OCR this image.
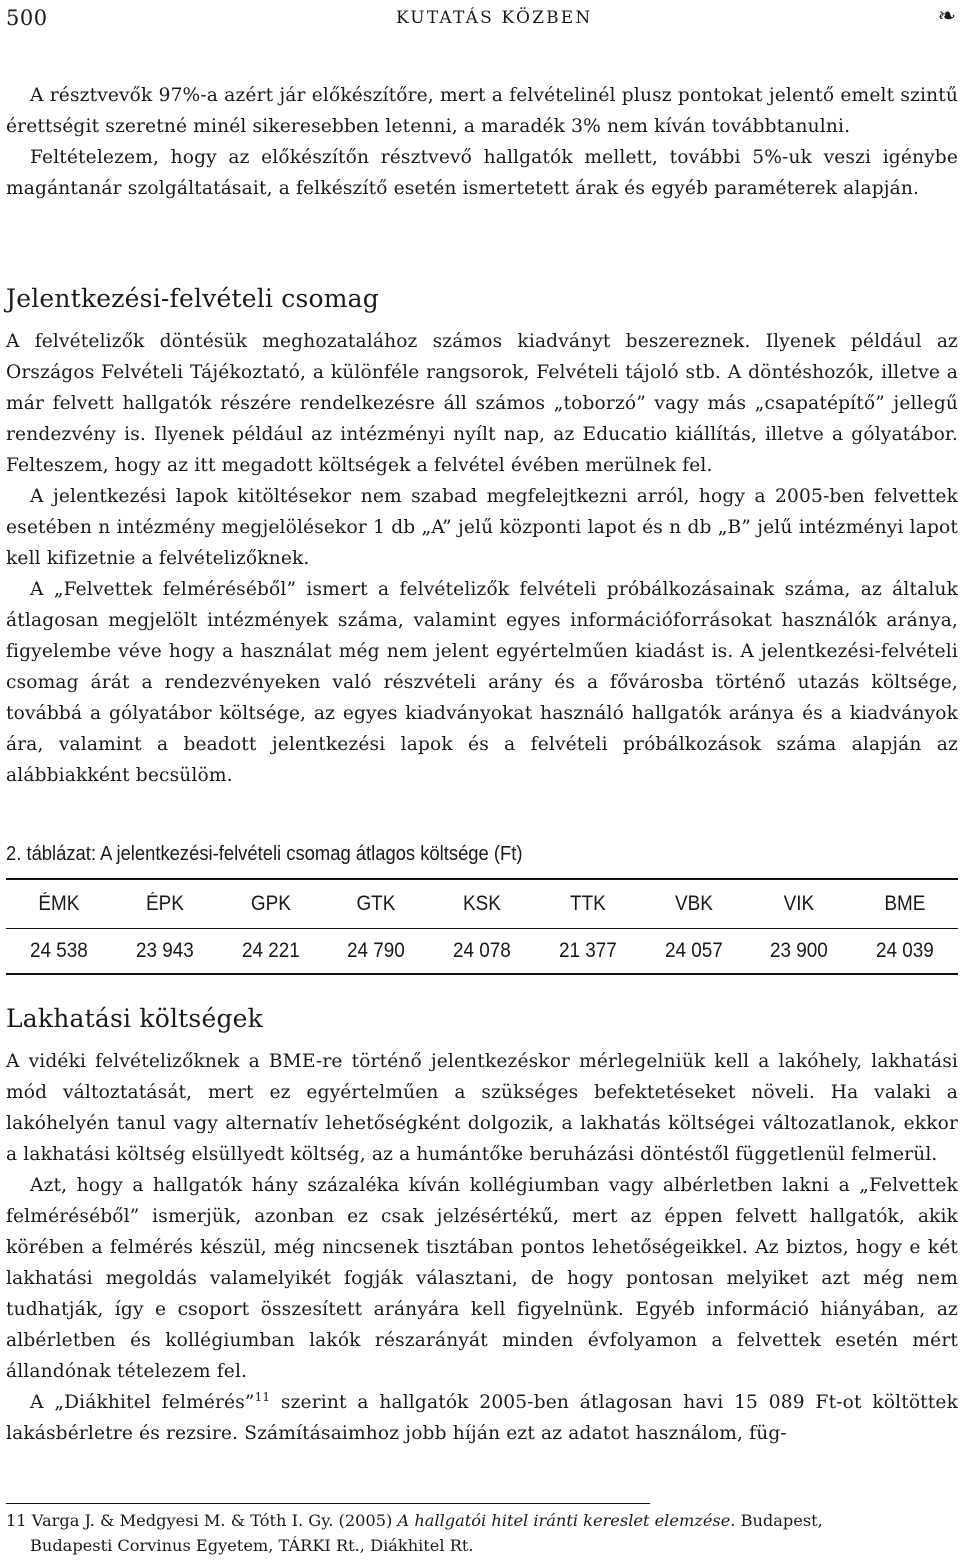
500	KUTATÁS KÖZBEN	❧

A résztvevők 97%-a azért jár előkészítőre, mert a felvételinél plusz pontokat jelentő emelt szintű érettségit szeretné minél sikeresebben letenni, a maradék 3% nem kíván továbbtanulni.

Feltételezem, hogy az előkészítőn résztvevő hallgatók mellett, további 5%-uk veszi igénybe magántanár szolgáltatásait, a felkészítő esetén ismertetett árak és egyéb paraméterek alapján.

Jelentkezési-felvételi csomag

A felvételizők döntésük meghozatalához számos kiadványt beszereznek. Ilyenek például az Országos Felvételi Tájékoztató, a különféle rangsorok, Felvételi tájoló stb. A döntéshozók, illetve a már felvett hallgatók részére rendelkezésre áll számos „toborzó” vagy más „csapatépítő” jellegű rendezvény is. Ilyenek például az intézményi nyílt nap, az Educatio kiállítás, illetve a gólyatábor. Felteszem, hogy az itt megadott költségek a felvétel évében merülnek fel.

A jelentkezési lapok kitöltésekor nem szabad megfelejtkezni arról, hogy a 2005-ben felvettek esetében n intézmény megjelölésekor 1 db „A” jelű központi lapot és n db „B” jelű intézményi lapot kell kifizetnie a felvételizőknek.

A „Felvettek felméréséből” ismert a felvételizők felvételi próbálkozásainak száma, az általuk átlagosan megjelölt intézmények száma, valamint egyes információforrásokat használók aránya, figyelembe véve hogy a használat még nem jelent egyértelműen kiadást is. A jelentkezési-felvételi csomag árát a rendezvényeken való részvételi arány és a fővárosba történő utazás költsége, továbbá a gólyatábor költsége, az egyes kiadványokat használó hallgatók aránya és a kiadványok ára, valamint a beadott jelentkezési lapok és a felvételi próbálkozások száma alapján az alábbiakként becsülöm.

2. táblázat: A jelentkezési-felvételi csomag átlagos költsége (Ft)
ÉMK	ÉPK	GPK	GTK	KSK	TTK	VBK	VIK	BME
24 538	23 943	24 221	24 790	24 078	21 377	24 057	23 900	24 039
Lakhatási költségek

A vidéki felvételizőknek a BME-re történő jelentkezéskor mérlegelniük kell a lakóhely, lakhatási mód változtatását, mert ez egyértelműen a szükséges befektetéseket növeli. Ha valaki a lakóhelyén tanul vagy alternatív lehetőségként dolgozik, a lakhatás költségei változatlanok, ekkor a lakhatási költség elsüllyedt költség, az a humántőke beruházási döntéstől függetlenül felmerül.

Azt, hogy a hallgatók hány százaléka kíván kollégiumban vagy albérletben lakni a „Felvettek felméréséből” ismerjük, azonban ez csak jelzésértékű, mert az éppen felvett hallgatók, akik körében a felmérés készül, még nincsenek tisztában pontos lehetőségeikkel. Az biztos, hogy e két lakhatási megoldás valamelyikét fogják választani, de hogy pontosan melyiket azt még nem tudhatják, így e csoport összesített arányára kell figyelnünk. Egyéb információ hiányában, az albérletben és kollégiumban lakók részarányát minden évfolyamon a felvettek esetén mért állandónak tételezem fel.

A „Diákhitel felmérés”$^{11}$ szerint a hallgatók 2005-ben átlagosan havi 15 089 Ft-ot költöttek lakásbérletre és rezsire. Számításaimhoz jobb híján ezt az adatot használom, füg-

11 Varga J. & Medgyesi M. & Tóth I. Gy. (2005) A hallgatói hitel iránti kereslet elemzése. Budapest,
Budapesti Corvinus Egyetem, TÁRKI Rt., Diákhitel Rt.
